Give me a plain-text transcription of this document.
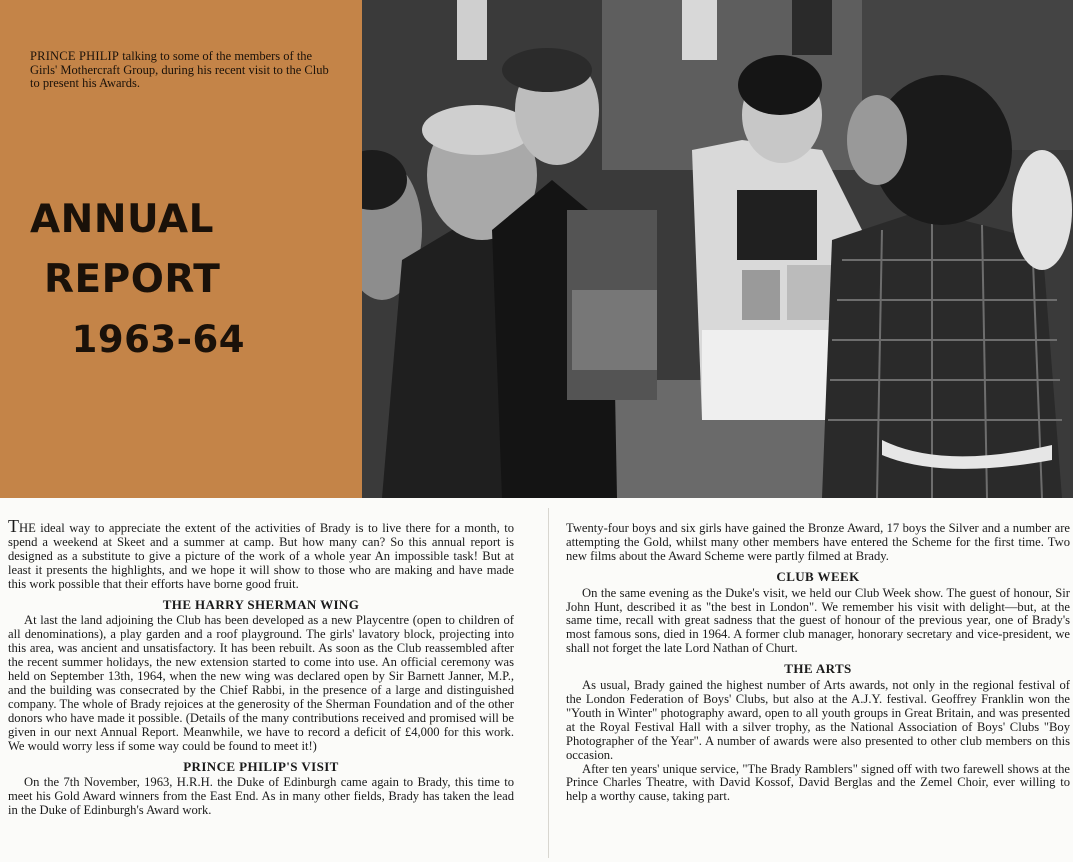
PRINCE PHILIP talking to some of the members of the Girls' Mothercraft Group, during his recent visit to the Club to present his Awards.
ANNUAL
REPORT
1963-64

THE ideal way to appreciate the extent of the activities of Brady is to live there for a month, to spend a weekend at Skeet and a summer at camp. But how many can? So this annual report is designed as a substitute to give a picture of the work of a whole year An impossible task! But at least it presents the highlights, and we hope it will show to those who are making and have made this work possible that their efforts have borne good fruit.

THE HARRY SHERMAN WING

At last the land adjoining the Club has been developed as a new Playcentre (open to children of all denominations), a play garden and a roof playground. The girls' lavatory block, projecting into this area, was ancient and unsatisfactory. It has been rebuilt. As soon as the Club reassembled after the recent summer holidays, the new extension started to come into use. An official ceremony was held on September 13th, 1964, when the new wing was declared open by Sir Barnett Janner, M.P., and the building was consecrated by the Chief Rabbi, in the presence of a large and distinguished company. The whole of Brady rejoices at the generosity of the Sherman Foundation and of the other donors who have made it possible. (Details of the many contributions received and promised will be given in our next Annual Report. Meanwhile, we have to record a deficit of £4,000 for this work. We would worry less if some way could be found to meet it!)

PRINCE PHILIP'S VISIT

On the 7th November, 1963, H.R.H. the Duke of Edinburgh came again to Brady, this time to meet his Gold Award winners from the East End. As in many other fields, Brady has taken the lead in the Duke of Edinburgh's Award work.

Twenty-four boys and six girls have gained the Bronze Award, 17 boys the Silver and a number are attempting the Gold, whilst many other members have entered the Scheme for the first time. Two new films about the Award Scheme were partly filmed at Brady.

CLUB WEEK

On the same evening as the Duke's visit, we held our Club Week show. The guest of honour, Sir John Hunt, described it as "the best in London". We remember his visit with delight—but, at the same time, recall with great sadness that the guest of honour of the previous year, one of Brady's most famous sons, died in 1964. A former club manager, honorary secretary and vice-president, we shall not forget the late Lord Nathan of Churt.

THE ARTS

As usual, Brady gained the highest number of Arts awards, not only in the regional festival of the London Federation of Boys' Clubs, but also at the A.J.Y. festival. Geoffrey Franklin won the "Youth in Winter" photography award, open to all youth groups in Great Britain, and was presented at the Royal Festival Hall with a silver trophy, as the National Association of Boys' Clubs "Boy Photographer of the Year". A number of awards were also presented to other club members on this occasion.

After ten years' unique service, "The Brady Ramblers" signed off with two farewell shows at the Prince Charles Theatre, with David Kossof, David Berglas and the Zemel Choir, ever willing to help a worthy cause, taking part.
